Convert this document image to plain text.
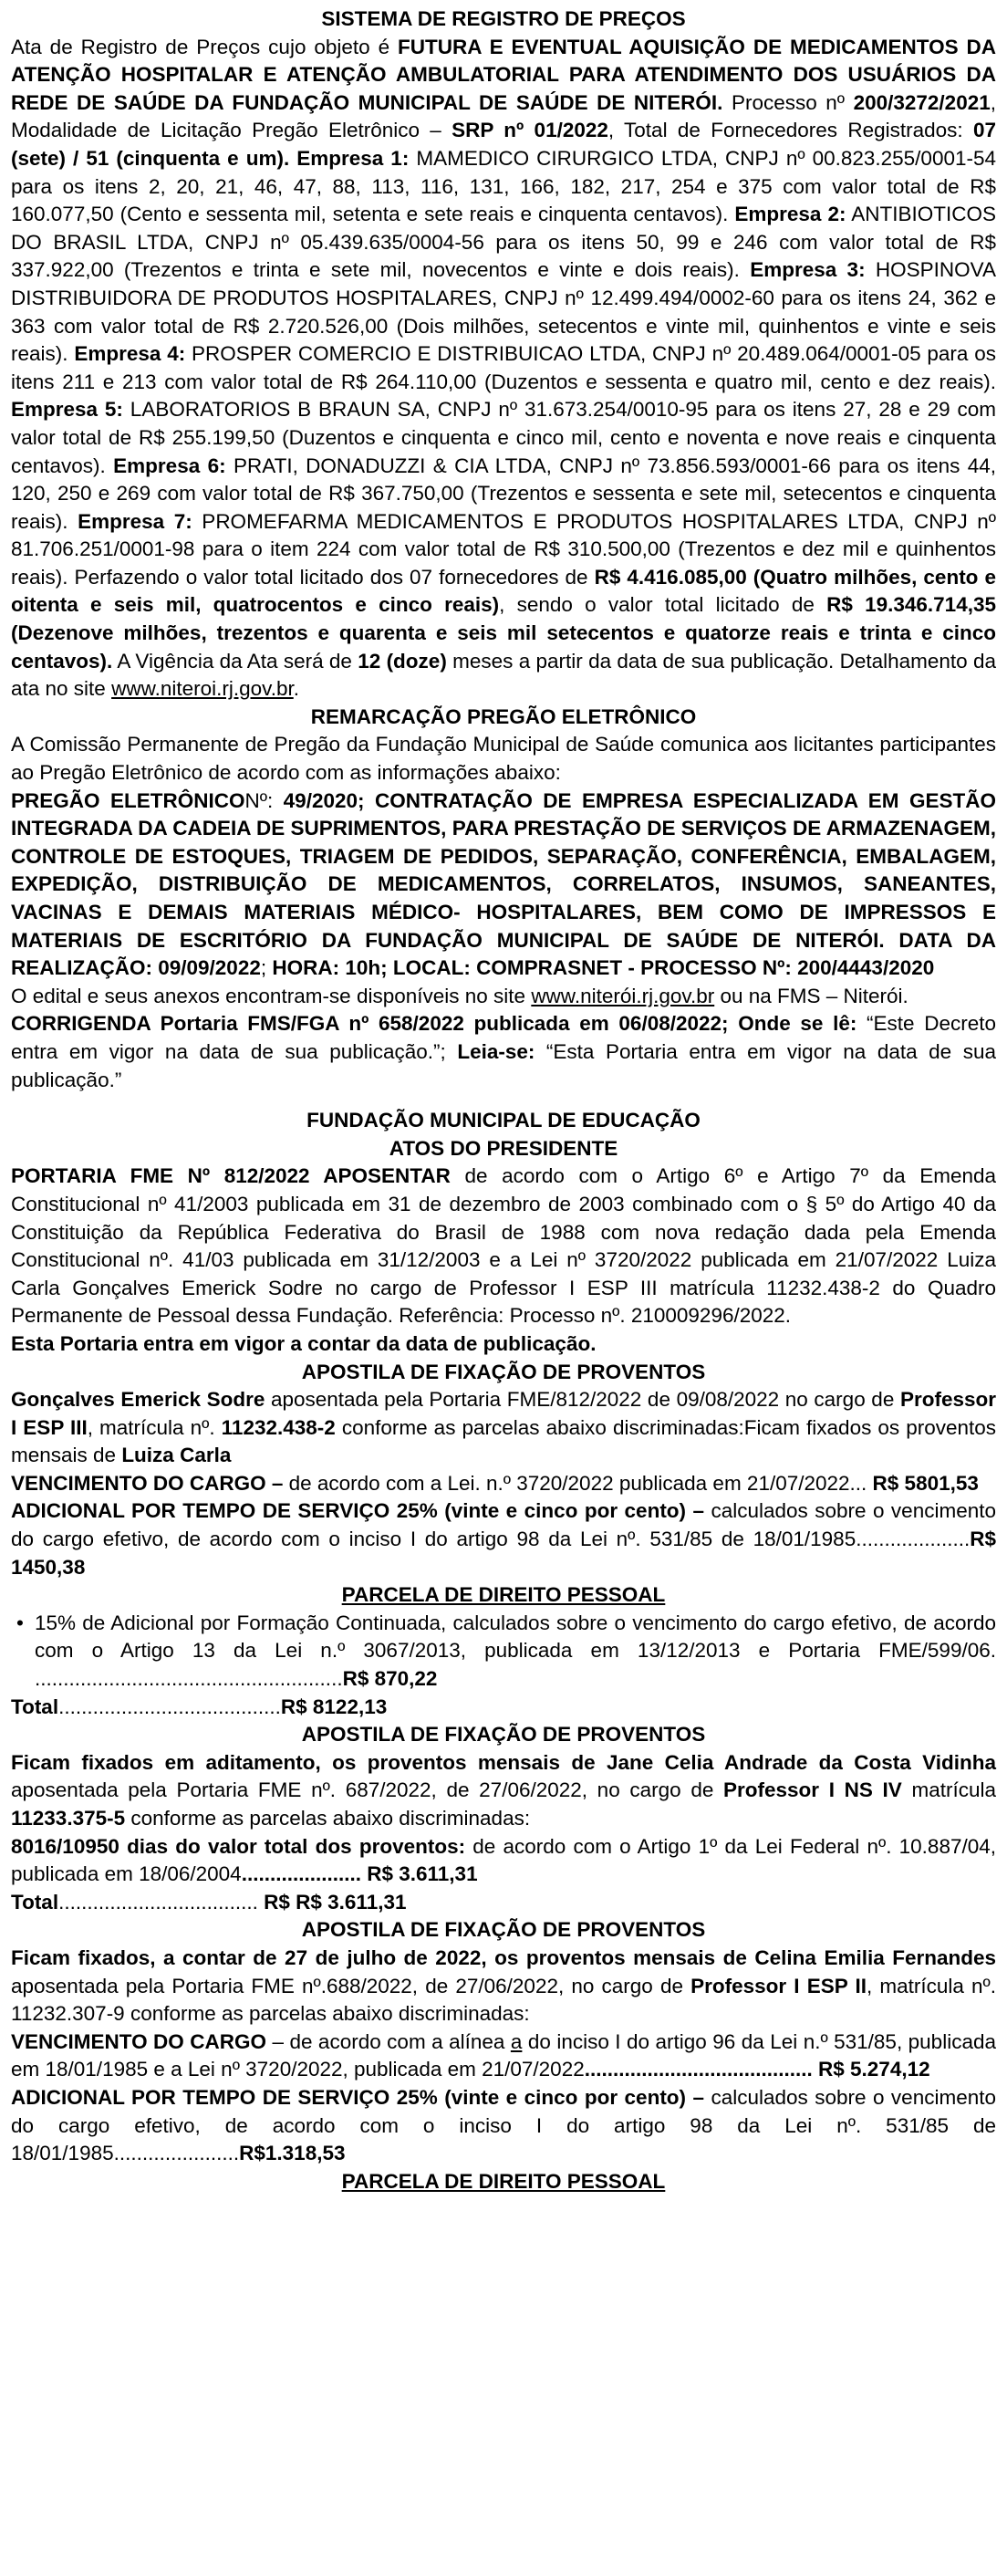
SISTEMA DE REGISTRO DE PREÇOS

Ata de Registro de Preços cujo objeto é FUTURA E EVENTUAL AQUISIÇÃO DE MEDICAMENTOS DA ATENÇÃO HOSPITALAR E ATENÇÃO AMBULATORIAL PARA ATENDIMENTO DOS USUÁRIOS DA REDE DE SAÚDE DA FUNDAÇÃO MUNICIPAL DE SAÚDE DE NITERÓI. Processo nº 200/3272/2021, Modalidade de Licitação Pregão Eletrônico – SRP nº 01/2022, Total de Fornecedores Registrados: 07 (sete) / 51 (cinquenta e um). Empresa 1: MAMEDICO CIRURGICO LTDA, CNPJ nº 00.823.255/0001-54 para os itens 2, 20, 21, 46, 47, 88, 113, 116, 131, 166, 182, 217, 254 e 375 com valor total de R$ 160.077,50 (Cento e sessenta mil, setenta e sete reais e cinquenta centavos). Empresa 2: ANTIBIOTICOS DO BRASIL LTDA, CNPJ nº 05.439.635/0004-56 para os itens 50, 99 e 246 com valor total de R$ 337.922,00 (Trezentos e trinta e sete mil, novecentos e vinte e dois reais). Empresa 3: HOSPINOVA DISTRIBUIDORA DE PRODUTOS HOSPITALARES, CNPJ nº 12.499.494/0002-60 para os itens 24, 362 e 363 com valor total de R$ 2.720.526,00 (Dois milhões, setecentos e vinte mil, quinhentos e vinte e seis reais). Empresa 4: PROSPER COMERCIO E DISTRIBUICAO LTDA, CNPJ nº 20.489.064/0001-05 para os itens 211 e 213 com valor total de R$ 264.110,00 (Duzentos e sessenta e quatro mil, cento e dez reais). Empresa 5: LABORATORIOS B BRAUN SA, CNPJ nº 31.673.254/0010-95 para os itens 27, 28 e 29 com valor total de R$ 255.199,50 (Duzentos e cinquenta e cinco mil, cento e noventa e nove reais e cinquenta centavos). Empresa 6: PRATI, DONADUZZI & CIA LTDA, CNPJ nº 73.856.593/0001-66 para os itens 44, 120, 250 e 269 com valor total de R$ 367.750,00 (Trezentos e sessenta e sete mil, setecentos e cinquenta reais). Empresa 7: PROMEFARMA MEDICAMENTOS E PRODUTOS HOSPITALARES LTDA, CNPJ nº 81.706.251/0001-98 para o item 224 com valor total de R$ 310.500,00 (Trezentos e dez mil e quinhentos reais). Perfazendo o valor total licitado dos 07 fornecedores de R$ 4.416.085,00 (Quatro milhões, cento e oitenta e seis mil, quatrocentos e cinco reais), sendo o valor total licitado de R$ 19.346.714,35 (Dezenove milhões, trezentos e quarenta e seis mil setecentos e quatorze reais e trinta e cinco centavos). A Vigência da Ata será de 12 (doze) meses a partir da data de sua publicação. Detalhamento da ata no site www.niteroi.rj.gov.br.

REMARCAÇÃO PREGÃO ELETRÔNICO

A Comissão Permanente de Pregão da Fundação Municipal de Saúde comunica aos licitantes participantes ao Pregão Eletrônico de acordo com as informações abaixo:

PREGÃO ELETRÔNICONº: 49/2020; CONTRATAÇÃO DE EMPRESA ESPECIALIZADA EM GESTÃO INTEGRADA DA CADEIA DE SUPRIMENTOS, PARA PRESTAÇÃO DE SERVIÇOS DE ARMAZENAGEM, CONTROLE DE ESTOQUES, TRIAGEM DE PEDIDOS, SEPARAÇÃO, CONFERÊNCIA, EMBALAGEM, EXPEDIÇÃO, DISTRIBUIÇÃO DE MEDICAMENTOS, CORRELATOS, INSUMOS, SANEANTES, VACINAS E DEMAIS MATERIAIS MÉDICO- HOSPITALARES, BEM COMO DE IMPRESSOS E MATERIAIS DE ESCRITÓRIO DA FUNDAÇÃO MUNICIPAL DE SAÚDE DE NITERÓI. DATA DA REALIZAÇÃO: 09/09/2022; HORA: 10h; LOCAL: COMPRASNET - PROCESSO Nº: 200/4443/2020

O edital e seus anexos encontram-se disponíveis no site www.niterói.rj.gov.br ou na FMS – Niterói.

CORRIGENDA Portaria FMS/FGA nº 658/2022 publicada em 06/08/2022; Onde se lê: “Este Decreto entra em vigor na data de sua publicação.”; Leia-se: “Esta Portaria entra em vigor na data de sua publicação.”

FUNDAÇÃO MUNICIPAL DE EDUCAÇÃO

ATOS DO PRESIDENTE

PORTARIA FME Nº 812/2022 APOSENTAR de acordo com o Artigo 6º e Artigo 7º da Emenda Constitucional nº 41/2003 publicada em 31 de dezembro de 2003 combinado com o § 5º do Artigo 40 da Constituição da República Federativa do Brasil de 1988 com nova redação dada pela Emenda Constitucional nº. 41/03 publicada em 31/12/2003 e a Lei nº 3720/2022 publicada em 21/07/2022 Luiza Carla Gonçalves Emerick Sodre no cargo de Professor I ESP III matrícula 11232.438-2 do Quadro Permanente de Pessoal dessa Fundação. Referência: Processo nº. 210009296/2022.

Esta Portaria entra em vigor a contar da data de publicação.

APOSTILA DE FIXAÇÃO DE PROVENTOS

Gonçalves Emerick Sodre aposentada pela Portaria FME/812/2022 de 09/08/2022 no cargo de Professor I ESP III, matrícula nº. 11232.438-2 conforme as parcelas abaixo discriminadas:Ficam fixados os proventos mensais de Luiza Carla

VENCIMENTO DO CARGO – de acordo com a Lei. n.º 3720/2022 publicada em 21/07/2022... R$ 5801,53

ADICIONAL POR TEMPO DE SERVIÇO 25% (vinte e cinco por cento) – calculados sobre o vencimento do cargo efetivo, de acordo com o inciso I do artigo 98 da Lei nº. 531/85 de 18/01/1985....................R$ 1450,38

PARCELA DE DIREITO PESSOAL

• 15% de Adicional por Formação Continuada, calculados sobre o vencimento do cargo efetivo, de acordo com o Artigo 13 da Lei n.º 3067/2013, publicada em 13/12/2013 e Portaria FME/599/06. ......................................................R$ 870,22

Total.......................................R$ 8122,13

APOSTILA DE FIXAÇÃO DE PROVENTOS

Ficam fixados em aditamento, os proventos mensais de Jane Celia Andrade da Costa Vidinha aposentada pela Portaria FME nº. 687/2022, de 27/06/2022, no cargo de Professor I NS IV matrícula 11233.375-5 conforme as parcelas abaixo discriminadas:

8016/10950 dias do valor total dos proventos: de acordo com o Artigo 1º da Lei Federal nº. 10.887/04, publicada em 18/06/2004..................... R$ 3.611,31

Total................................... R$ R$ 3.611,31

APOSTILA DE FIXAÇÃO DE PROVENTOS

Ficam fixados, a contar de 27 de julho de 2022, os proventos mensais de Celina Emilia Fernandes aposentada pela Portaria FME nº.688/2022, de 27/06/2022, no cargo de Professor I ESP II, matrícula nº. 11232.307-9 conforme as parcelas abaixo discriminadas:

VENCIMENTO DO CARGO – de acordo com a alínea a do inciso I do artigo 96 da Lei n.º 531/85, publicada em 18/01/1985 e a Lei nº 3720/2022, publicada em 21/07/2022........................................ R$ 5.274,12

ADICIONAL POR TEMPO DE SERVIÇO 25% (vinte e cinco por cento) – calculados sobre o vencimento do cargo efetivo, de acordo com o inciso I do artigo 98 da Lei nº. 531/85 de 18/01/1985......................R$1.318,53

PARCELA DE DIREITO PESSOAL
